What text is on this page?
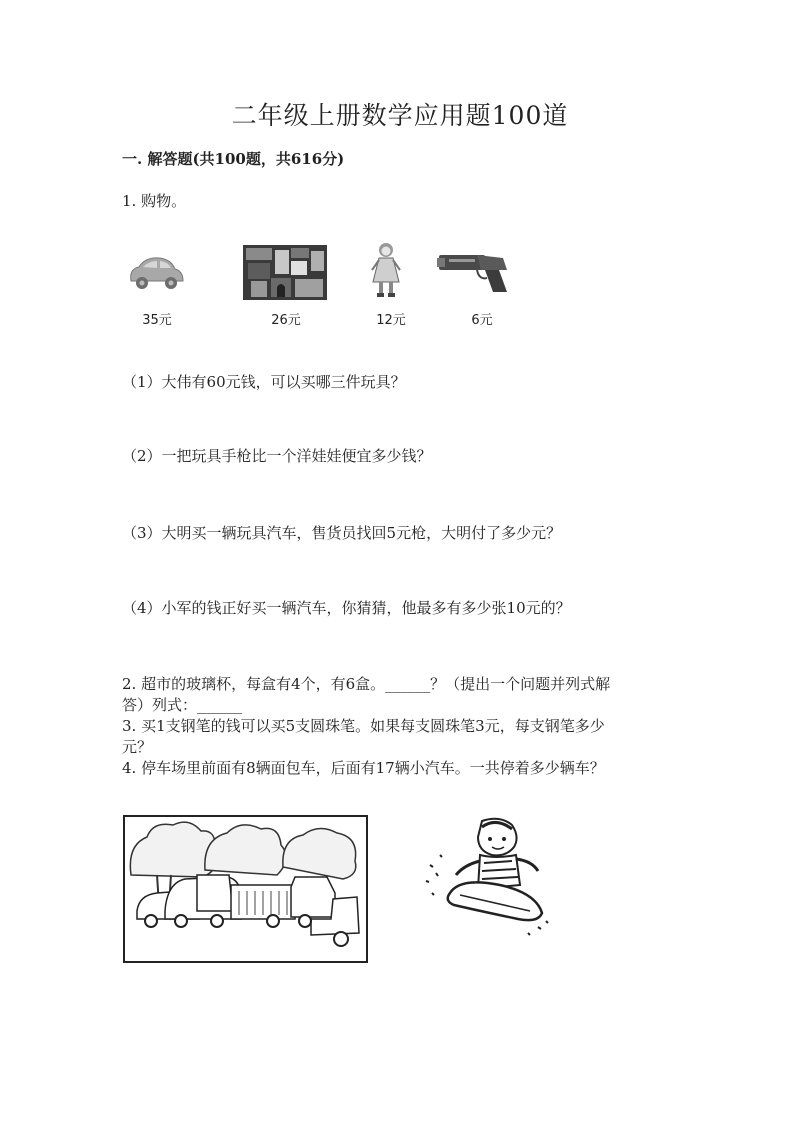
二年级上册数学应用题100道
一. 解答题(共100题，共616分)
1. 购物。
35元	26元	12元	6元
（1）大伟有60元钱，可以买哪三件玩具？
（2）一把玩具手枪比一个洋娃娃便宜多少钱？
（3）大明买一辆玩具汽车，售货员找回5元枪，大明付了多少元？
（4）小军的钱正好买一辆汽车，你猜猜，他最多有多少张10元的？
2. 超市的玻璃杯，每盒有4个，有6盒。______？（提出一个问题并列式解
答）列式：______
3. 买1支钢笔的钱可以买5支圆珠笔。如果每支圆珠笔3元，每支钢笔多少
元？
4. 停车场里前面有8辆面包车，后面有17辆小汽车。一共停着多少辆车？
